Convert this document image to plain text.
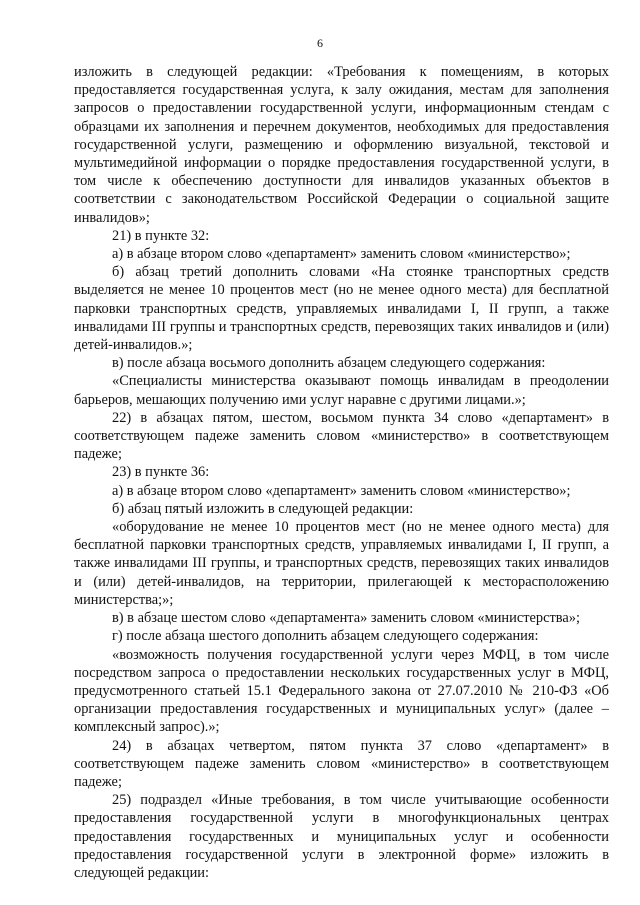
6

изложить в следующей редакции: «Требования к помещениям, в которых предоставляется государственная услуга, к залу ожидания, местам для заполнения запросов о предоставлении государственной услуги, информационным стендам с образцами их заполнения и перечнем документов, необходимых для предоставления государственной услуги, размещению и оформлению визуальной, текстовой и мультимедийной информации о порядке предоставления государственной услуги, в том числе к обеспечению доступности для инвалидов указанных объектов в соответствии с законодательством Российской Федерации о социальной защите инвалидов»;

21) в пункте 32:

а) в абзаце втором слово «департамент» заменить словом «министерство»;

б) абзац третий дополнить словами «На стоянке транспортных средств выделяется не менее 10 процентов мест (но не менее одного места) для бесплатной парковки транспортных средств, управляемых инвалидами I, II групп, а также инвалидами III группы и транспортных средств, перевозящих таких инвалидов и (или) детей-инвалидов.»;

в) после абзаца восьмого дополнить абзацем следующего содержания:

«Специалисты министерства оказывают помощь инвалидам в преодолении барьеров, мешающих получению ими услуг наравне с другими лицами.»;

22) в абзацах пятом, шестом, восьмом пункта 34 слово «департамент» в соответствующем падеже заменить словом «министерство» в соответствующем падеже;

23) в пункте 36:

а) в абзаце втором слово «департамент» заменить словом «министерство»;

б) абзац пятый изложить в следующей редакции:

«оборудование не менее 10 процентов мест (но не менее одного места) для бесплатной парковки транспортных средств, управляемых инвалидами I, II групп, а также инвалидами III группы, и транспортных средств, перевозящих таких инвалидов и (или) детей-инвалидов, на территории, прилегающей к месторасположению министерства;»;

в) в абзаце шестом слово «департамента» заменить словом «министерства»;

г) после абзаца шестого дополнить абзацем следующего содержания:

«возможность получения государственной услуги через МФЦ, в том числе посредством запроса о предоставлении нескольких государственных услуг в МФЦ, предусмотренного статьей 15.1 Федерального закона от 27.07.2010 № 210-ФЗ «Об организации предоставления государственных и муниципальных услуг» (далее – комплексный запрос).»;

24) в абзацах четвертом, пятом пункта 37 слово «департамент» в соответствующем падеже заменить словом «министерство» в соответствующем падеже;

25) подраздел «Иные требования, в том числе учитывающие особенности предоставления государственной услуги в многофункциональных центрах предоставления государственных и муниципальных услуг и особенности предоставления государственной услуги в электронной форме» изложить в следующей редакции:
